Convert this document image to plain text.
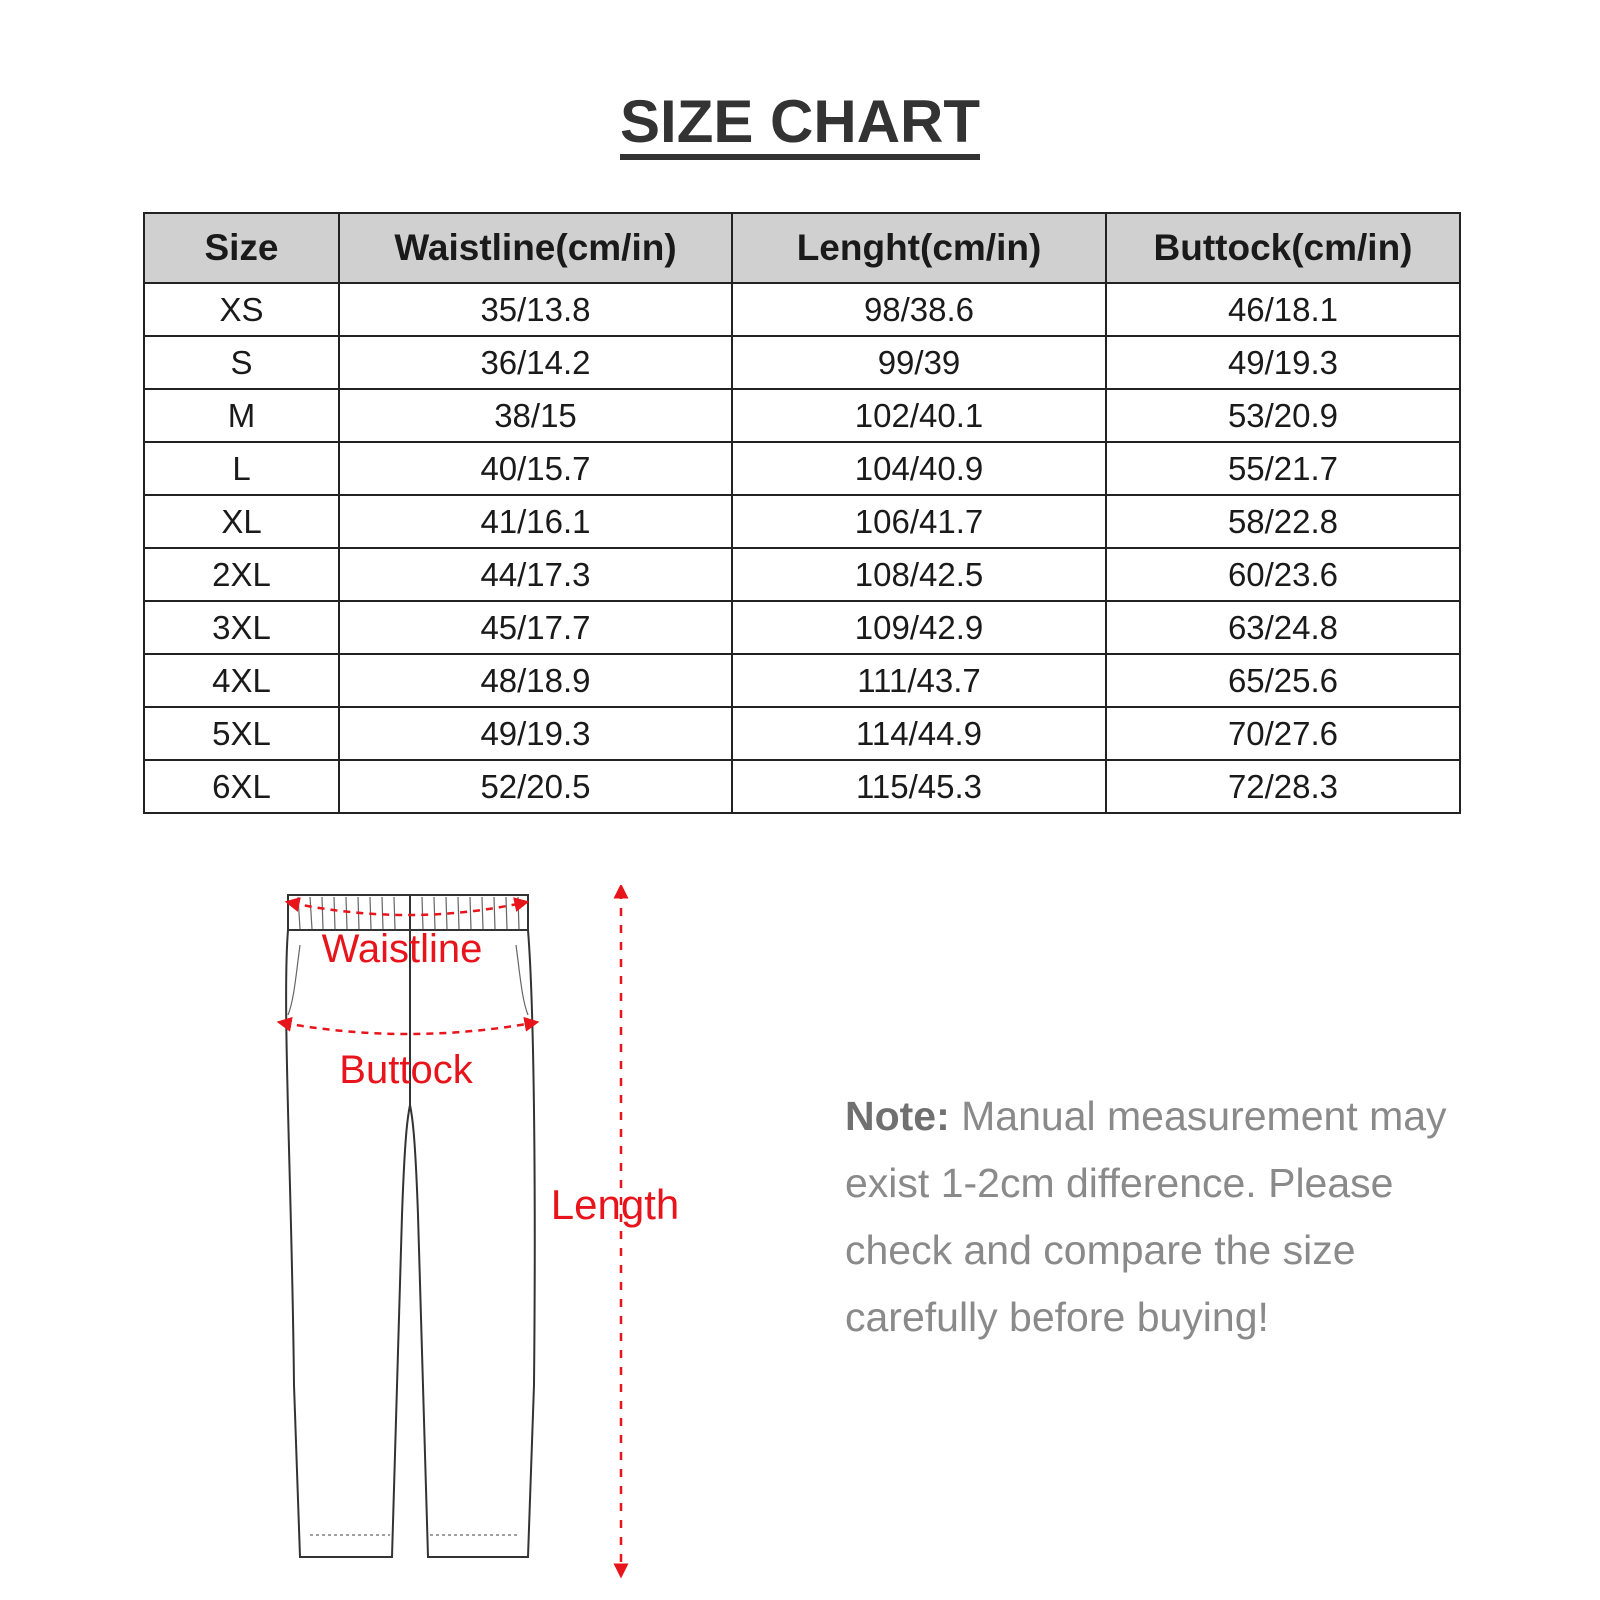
SIZE CHART
Size	Waistline(cm/in)	Lenght(cm/in)	Buttock(cm/in)
XS	35/13.8	98/38.6	46/18.1
S	36/14.2	99/39	49/19.3
M	38/15	102/40.1	53/20.9
L	40/15.7	104/40.9	55/21.7
XL	41/16.1	106/41.7	58/22.8
2XL	44/17.3	108/42.5	60/23.6
3XL	45/17.7	109/42.9	63/24.8
4XL	48/18.9	111/43.7	65/25.6
5XL	49/19.3	114/44.9	70/27.6
6XL	52/20.5	115/45.3	72/28.3
Waistline
Buttock
Length

Note: Manual measurement may exist 1-2cm difference. Please check and compare the size carefully before buying!
